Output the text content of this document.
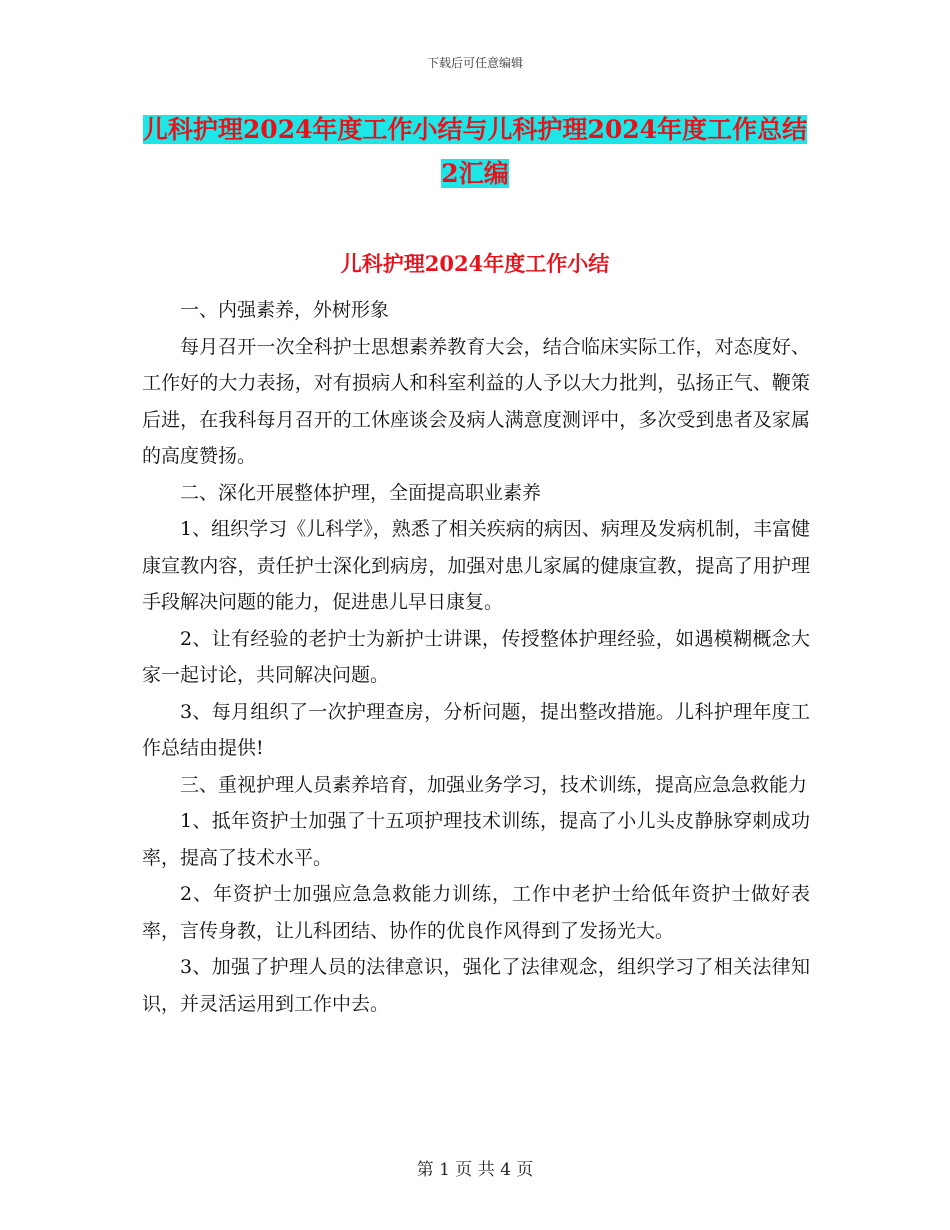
下载后可任意编辑
儿科护理2024年度工作小结与儿科护理2024年度工作总结2汇编
儿科护理2024年度工作小结

一、内强素养，外树形象

每月召开一次全科护士思想素养教育大会，结合临床实际工作，对态度好、工作好的大力表扬，对有损病人和科室利益的人予以大力批判，弘扬正气、鞭策后进，在我科每月召开的工休座谈会及病人满意度测评中，多次受到患者及家属的高度赞扬。

二、深化开展整体护理，全面提高职业素养

1、组织学习《儿科学》，熟悉了相关疾病的病因、病理及发病机制，丰富健康宣教内容，责任护士深化到病房，加强对患儿家属的健康宣教，提高了用护理手段解决问题的能力，促进患儿早日康复。

2、让有经验的老护士为新护士讲课，传授整体护理经验，如遇模糊概念大家一起讨论，共同解决问题。

3、每月组织了一次护理查房，分析问题，提出整改措施。儿科护理年度工作总结由提供!

三、重视护理人员素养培育，加强业务学习，技术训练，提高应急急救能力

1、抵年资护士加强了十五项护理技术训练，提高了小儿头皮静脉穿刺成功率，提高了技术水平。

2、年资护士加强应急急救能力训练，工作中老护士给低年资护士做好表率，言传身教，让儿科团结、协作的优良作风得到了发扬光大。

3、加强了护理人员的法律意识，强化了法律观念，组织学习了相关法律知识，并灵活运用到工作中去。

第 1 页 共 4 页
